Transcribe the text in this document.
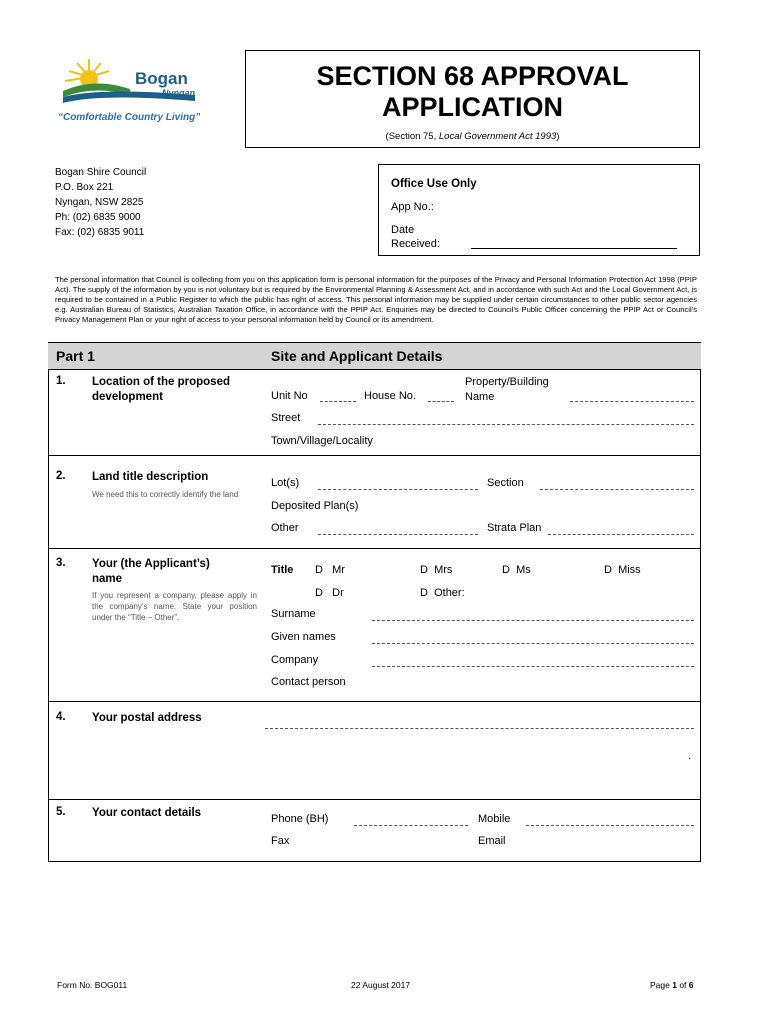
Bogan
Nyngan
“Comfortable Country Living”
SECTION 68 APPROVAL
APPLICATION
(Section 75, Local Government Act 1993)
Bogan Shire Council
P.O. Box 221
Nyngan, NSW 2825
Ph: (02) 6835 9000
Fax: (02) 6835 9011
Office Use Only
App No.:
Date
Received:
The personal information that Council is collecting from you on this application form is personal information for the purposes of the Privacy and Personal Information Protection Act 1998 (PPIP Act). The supply of the information by you is not voluntary but is required by the Environmental Planning & Assessment Act, and in accordance with such Act and the Local Government Act, is required to be contained in a Public Register to which the public has right of access. This personal information may be supplied under certain circumstances to other public sector agencies e.g. Australian Bureau of Statistics, Australian Taxation Office, in accordance with the PPIP Act. Enquiries may be directed to Council’s Public Officer concerning the PPIP Act or Council’s Privacy Management Plan or your right of access to your personal information held by Council or its amendment.
Part 1	Site and Applicant Details
1. Location of the proposed
development	Unit No	House No.
Property/Building
Name
Street
Town/Village/Locality
2. Land title description
We need this to correctly identify the land
Lot(s)	Section
Deposited Plan(s)
Other	Strata Plan
3. Your (the Applicant’s)
name
If you represent a company, please apply in the company’s name. State your position under the “Title – Other”.
Title D Mr	D Mrs	D Ms	D Miss
D Dr	D Other:
Surname
Given names
Company
Contact person
4. Your postal address
.
5. Your contact details	Phone (BH)	Mobile
Fax	Email
Form No. BOG011	22 August 2017	Page 1 of 6
